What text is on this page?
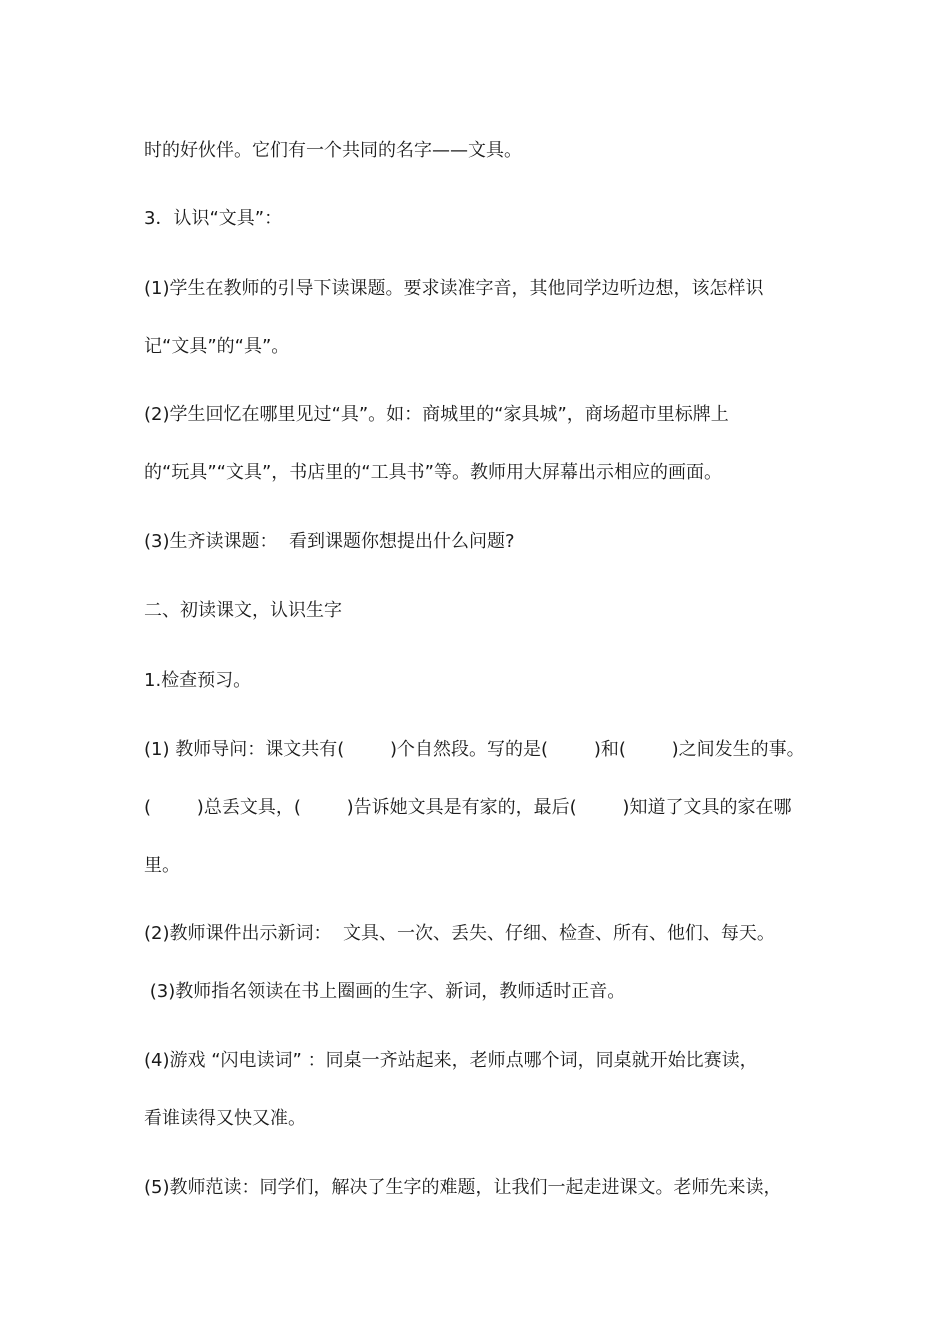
时的好伙伴。它们有一个共同的名字——文具。
3．认识“文具”：
(1)学生在教师的引导下读课题。要求读准字音，其他同学边听边想，该怎样识
记“文具”的“具”。
(2)学生回忆在哪里见过“具”。如：商城里的“家具城”，商场超市里标牌上
的“玩具”“文具”，书店里的“工具书”等。教师用大屏幕出示相应的画面。
(3)生齐读课题：  看到课题你想提出什么问题?
二、初读课文，认识生字
1.检查预习。
(1) 教师导问：课文共有(        )个自然段。写的是(        )和(        )之间发生的事。
(        )总丢文具，(        )告诉她文具是有家的，最后(        )知道了文具的家在哪
里。
(2)教师课件出示新词：  文具、一次、丢失、仔细、检查、所有、他们、每天。
(3)教师指名领读在书上圈画的生字、新词，教师适时正音。
(4)游戏 “闪电读词” ：同桌一齐站起来，老师点哪个词，同桌就开始比赛读，
看谁读得又快又准。
(5)教师范读：同学们，解决了生字的难题，让我们一起走进课文。老师先来读，
